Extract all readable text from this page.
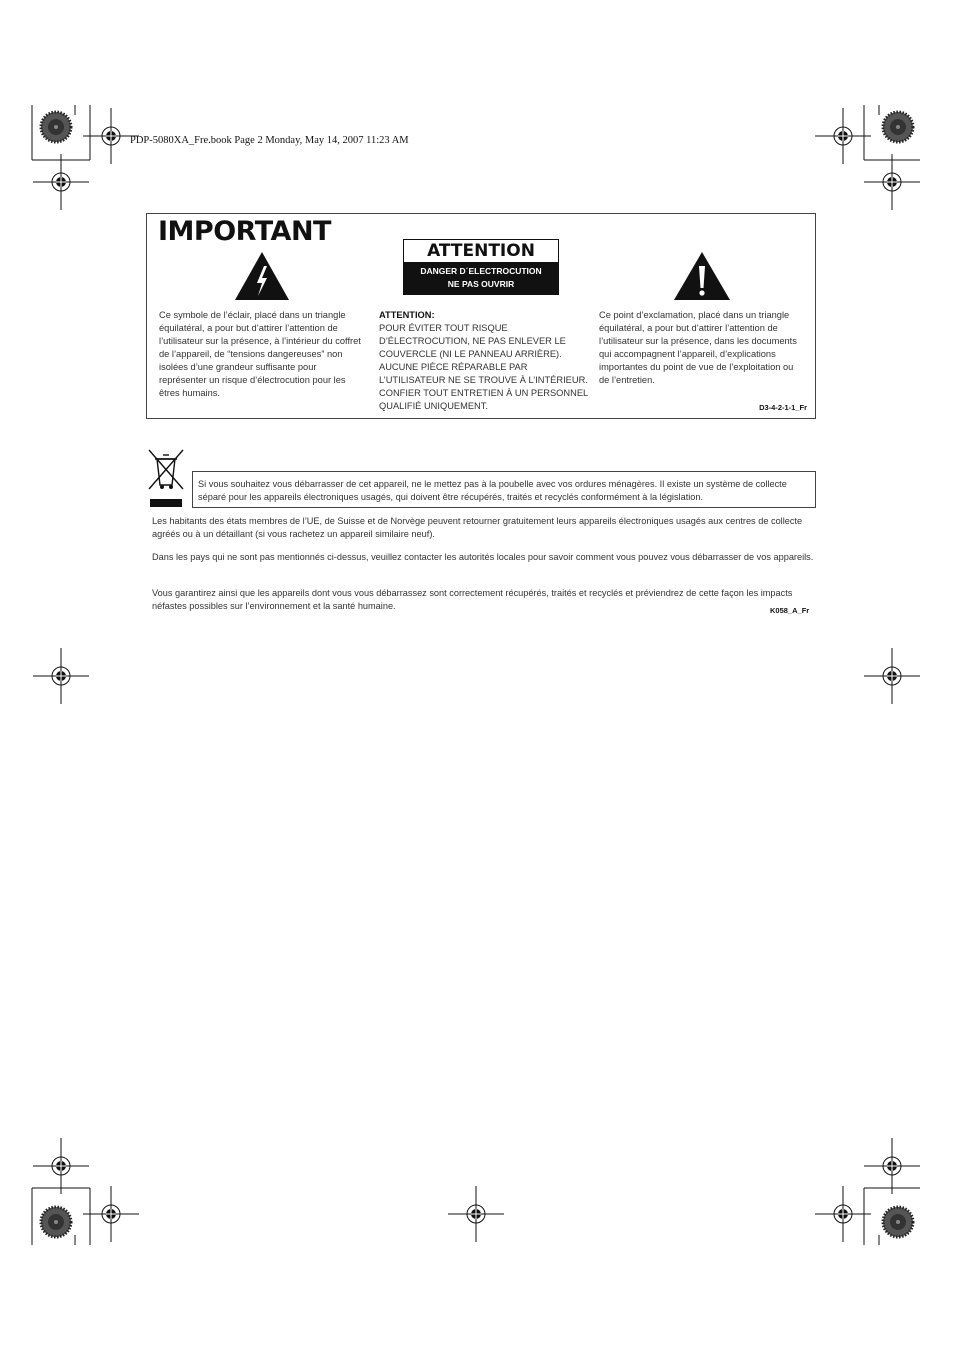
PDP-5080XA_Fre.book Page 2 Monday, May 14, 2007 11:23 AM
IMPORTANT
ATTENTION
DANGER D´ELECTROCUTION
NE PAS OUVRIR
Ce symbole de l’éclair, placé dans un triangle équilatéral, a pour but d’attirer l’attention de l’utilisateur sur la présence, à l’intérieur du coffret de l’appareil, de “tensions dangereuses” non isolées d’une grandeur suffisante pour représenter un risque d’électrocution pour les êtres humains.
ATTENTION:
POUR ÉVITER TOUT RISQUE D’ÉLECTROCUTION, NE PAS ENLEVER LE COUVERCLE (NI LE PANNEAU ARRIÈRE). AUCUNE PIÈCE RÉPARABLE PAR L’UTILISATEUR NE SE TROUVE À L’INTÉRIEUR. CONFIER TOUT ENTRETIEN À UN PERSONNEL QUALIFIÉ UNIQUEMENT.
Ce point d’exclamation, placé dans un triangle équilatéral, a pour but d’attirer l’attention de l’utilisateur sur la présence, dans les documents qui accompagnent l’appareil, d’explications importantes du point de vue de l’exploitation ou de l’entretien.
D3-4-2-1-1_Fr
Si vous souhaitez vous débarrasser de cet appareil, ne le mettez pas à la poubelle avec vos ordures ménagères. Il existe un système de collecte séparé pour les appareils électroniques usagés, qui doivent être récupérés, traités et recyclés conformément à la législation.
Les habitants des états membres de l’UE, de Suisse et de Norvège peuvent retourner gratuitement leurs appareils électroniques usagés aux centres de collecte agréés ou à un détaillant (si vous rachetez un appareil similaire neuf).
Dans les pays qui ne sont pas mentionnés ci-dessus, veuillez contacter les autorités locales pour savoir comment vous pouvez vous débarrasser de vos appareils.
Vous garantirez ainsi que les appareils dont vous vous débarrassez sont correctement récupérés, traités et recyclés et préviendrez de cette façon les impacts néfastes possibles sur l’environnement et la santé humaine.	K058_A_Fr
